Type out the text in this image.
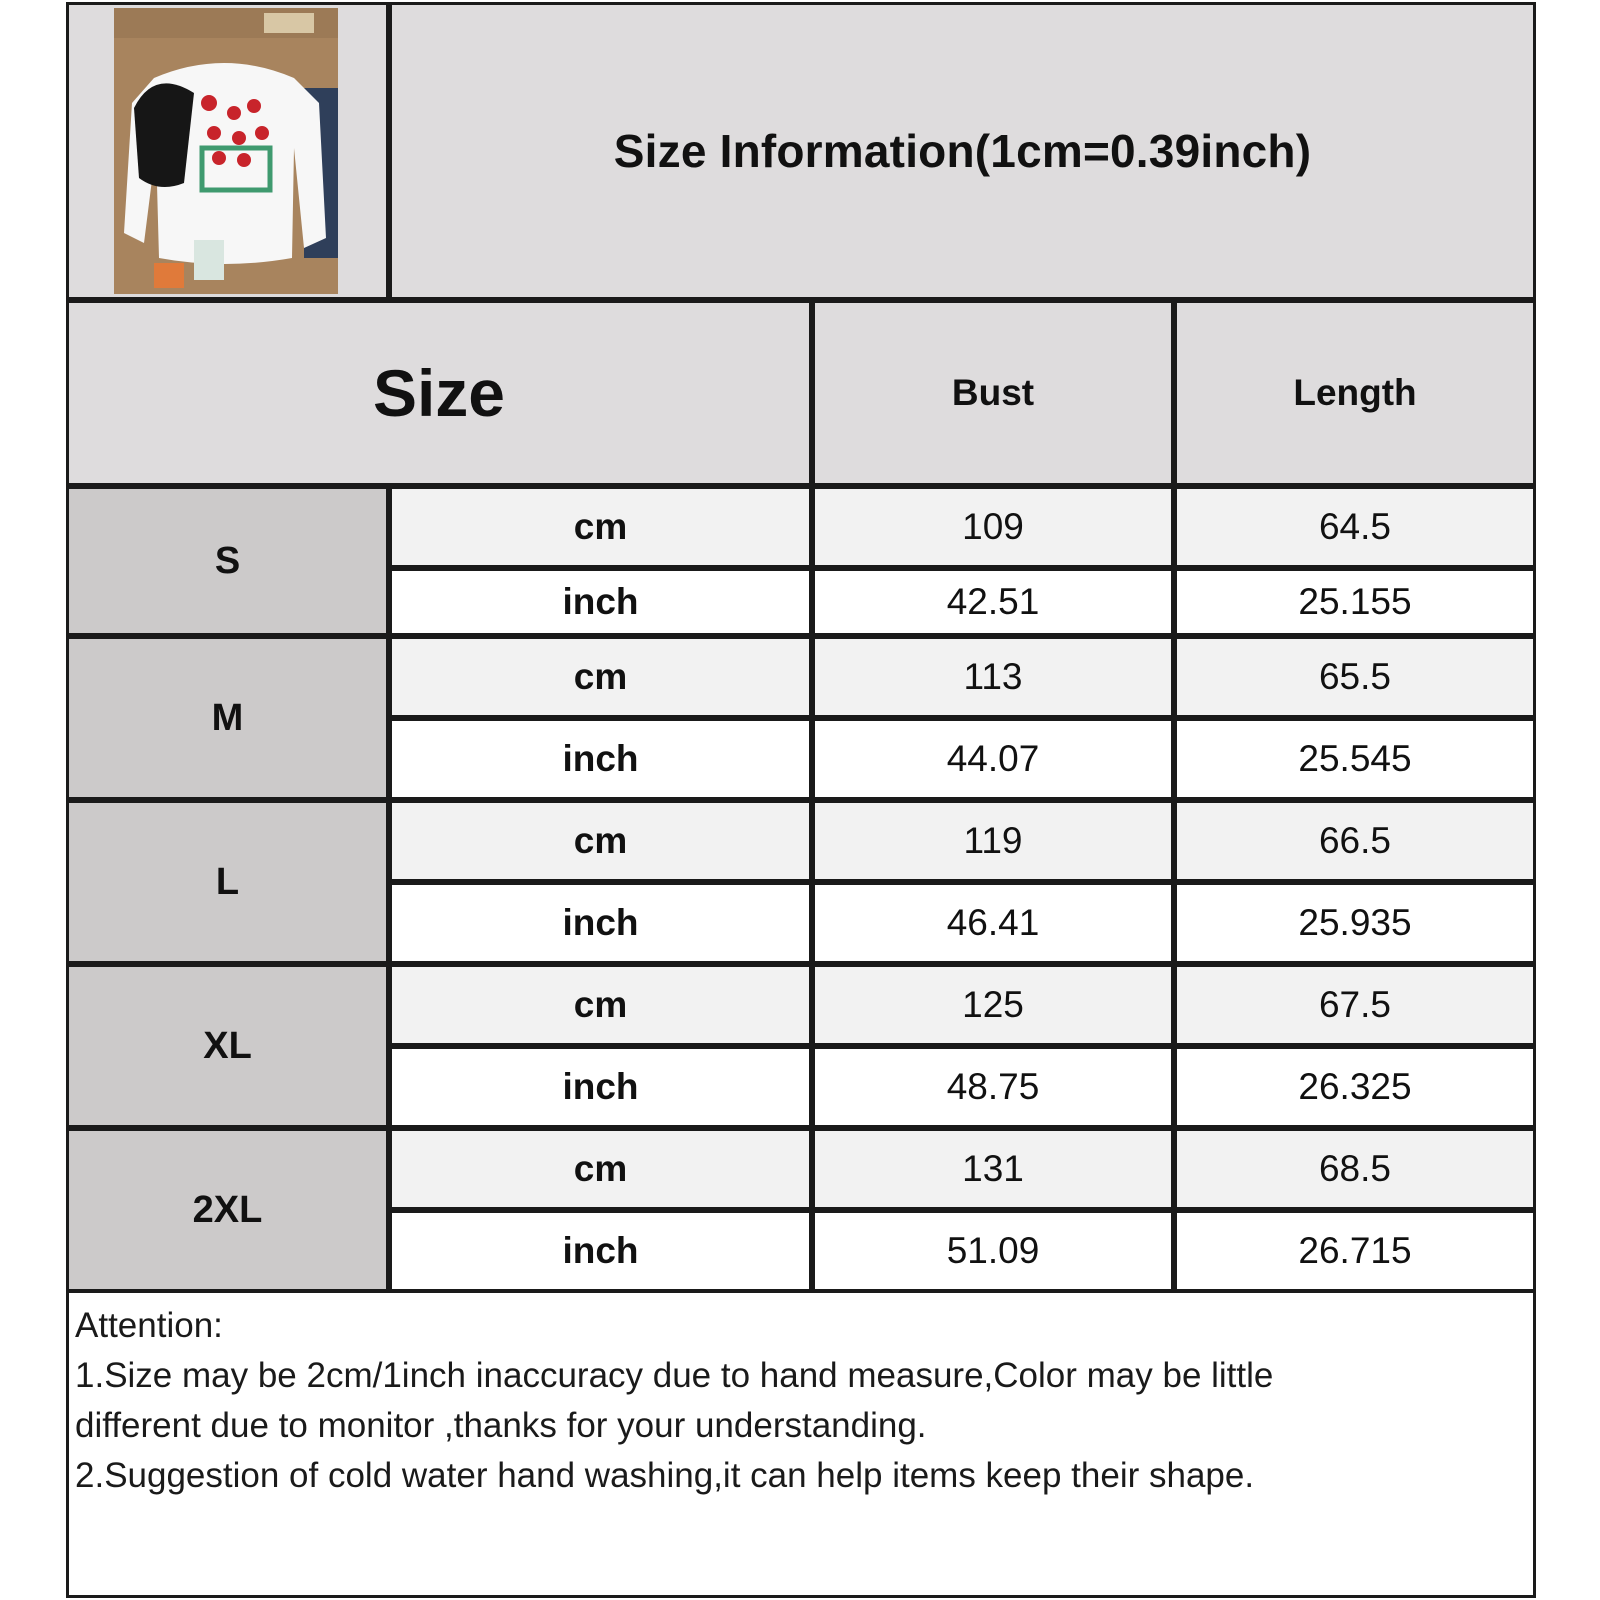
Size Information(1cm=0.39inch)
Size	Bust	Length
S
cm	109	64.5
inch	42.51	25.155
M
cm	113	65.5
inch	44.07	25.545
L
cm	119	66.5
inch	46.41	25.935
XL
cm	125	67.5
inch	48.75	26.325
2XL
cm	131	68.5
inch	51.09	26.715
Attention:
1.Size may be 2cm/1inch inaccuracy due to hand measure,Color may be little
different due to monitor ,thanks for your understanding.
2.Suggestion of cold water hand washing,it can help items keep their shape.
